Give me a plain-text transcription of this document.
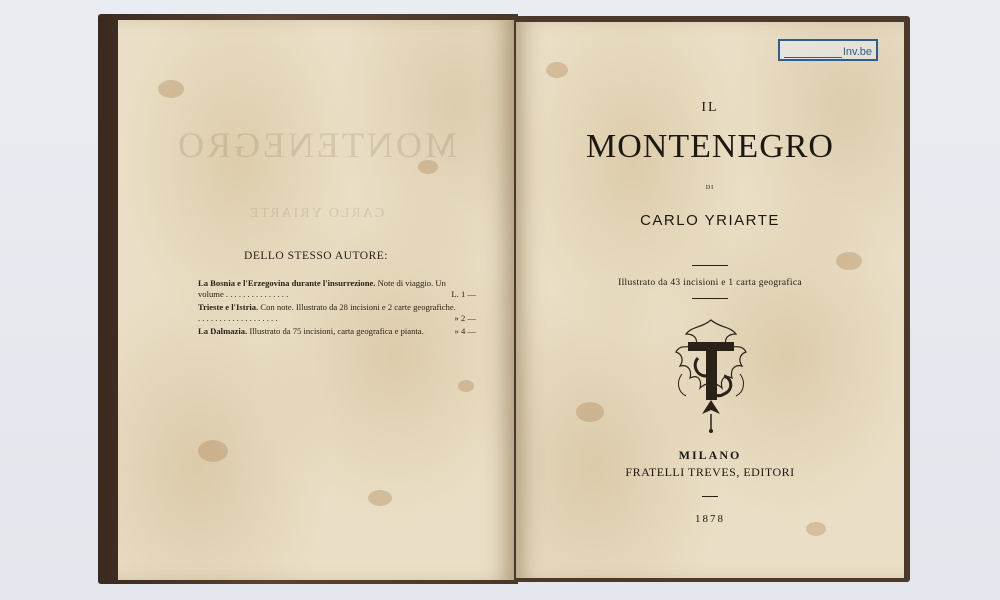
MONTENEGRO
CARLO YRIARTE
DELLO STESSO AUTORE:
La Bosnia e l'Erzegovina durante l'insurrezione. Note di viaggio. Un volume . . . . . . . . . . . . . . .	L. 1 —
Trieste e l'Istria. Con note. Illustrato da 28 incisioni e 2 carte geografiche. . . . . . . . . . . . . . . . . . . .	» 2 —
La Dalmazia. Illustrato da 75 incisioni, carta geografica e pianta.	» 4 —
Inv.be
IL
MONTENEGRO
DI
CARLO YRIARTE
Illustrato da 43 incisioni e 1 carta geografica
MILANO
FRATELLI TREVES, EDITORI
1878
